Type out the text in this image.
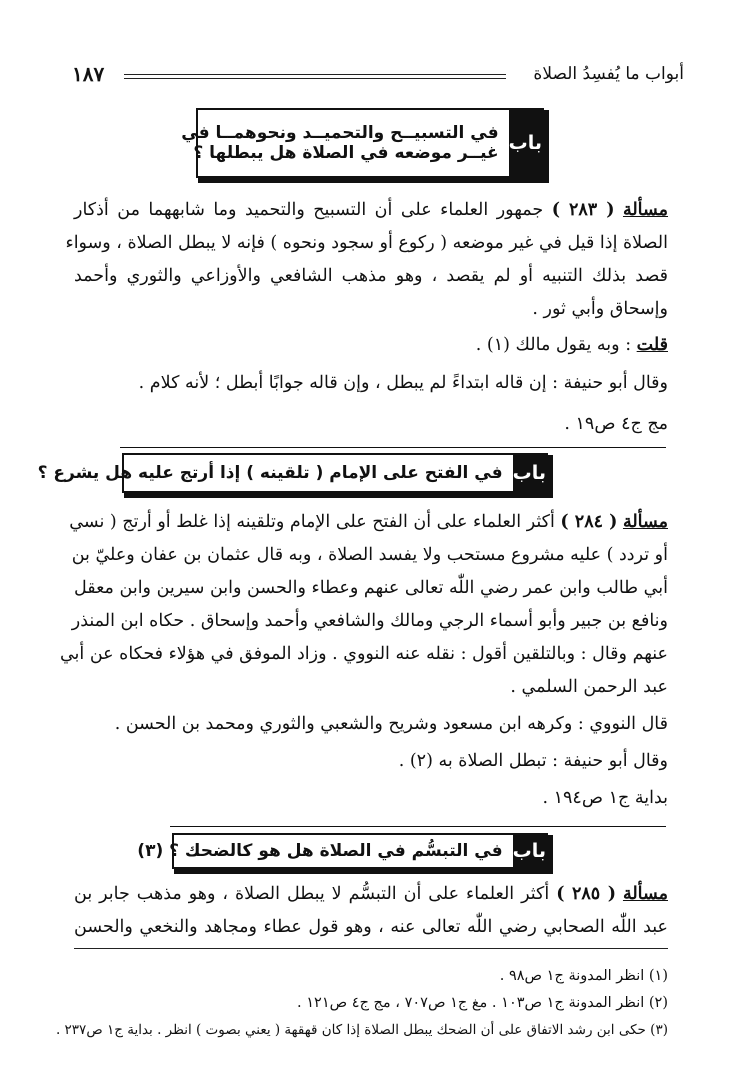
أبواب ما يُفسِدُ الصلاة
١٨٧
باب
في التسبيــح والتحميــد ونحوهمــا في
غيــر موضعه في الصلاة هل يبطلها ؟
مسألة ( ٢٨٣ ) جمهور العلماء على أن التسبيح والتحميد وما شابههما من أذكار
الصلاة إذا قيل في غير موضعه ( ركوع أو سجود ونحوه ) فإنه لا يبطل الصلاة ، وسواء
قصد بذلك التنبيه أو لم يقصد ، وهو مذهب الشافعي والأوزاعي والثوري وأحمد
وإسحاق وأبي ثور .
قلت : وبه يقول مالك (١) .
وقال أبو حنيفة : إن قاله ابتداءً لم يبطل ، وإن قاله جوابًا أبطل ؛ لأنه كلام .
مج ج٤ ص١٩ .
باب
في الفتح على الإمام ( تلقينه ) إذا أرتج عليه هل يشرع ؟
مسألة ( ٢٨٤ ) أكثر العلماء على أن الفتح على الإمام وتلقينه إذا غلط أو أرتج ( نسي
أو تردد ) عليه مشروع مستحب ولا يفسد الصلاة ، وبه قال عثمان بن عفان وعليّ بن
أبي طالب وابن عمر رضي اللّٰه تعالى عنهم وعطاء والحسن وابن سيرين وابن معقل
ونافع بن جبير وأبو أسماء الرجي ومالك والشافعي وأحمد وإسحاق . حكاه ابن المنذر
عنهم وقال : وبالتلقين أقول : نقله عنه النووي . وزاد الموفق في هؤلاء فحكاه عن أبي
عبد الرحمن السلمي .
قال النووي : وكرهه ابن مسعود وشريح والشعبي والثوري ومحمد بن الحسن .
وقال أبو حنيفة : تبطل الصلاة به (٢) .
بداية ج١ ص١٩٤ .
باب
في التبسُّم في الصلاة هل هو كالضحك ؟ (٣)
مسألة ( ٢٨٥ ) أكثر العلماء على أن التبسُّم لا يبطل الصلاة ، وهو مذهب جابر بن
عبد اللّٰه الصحابي رضي اللّٰه تعالى عنه ، وهو قول عطاء ومجاهد والنخعي والحسن
(١) انظر المدونة ج١ ص٩٨ .
(٢) انظر المدونة ج١ ص١٠٣ . مغ ج١ ص٧٠٧ ، مج ج٤ ص١٢١ .
(٣) حكى ابن رشد الاتفاق على أن الضحك يبطل الصلاة إذا كان قهقهة ( يعني بصوت ) انظر . بداية ج١ ص٢٣٧ .
